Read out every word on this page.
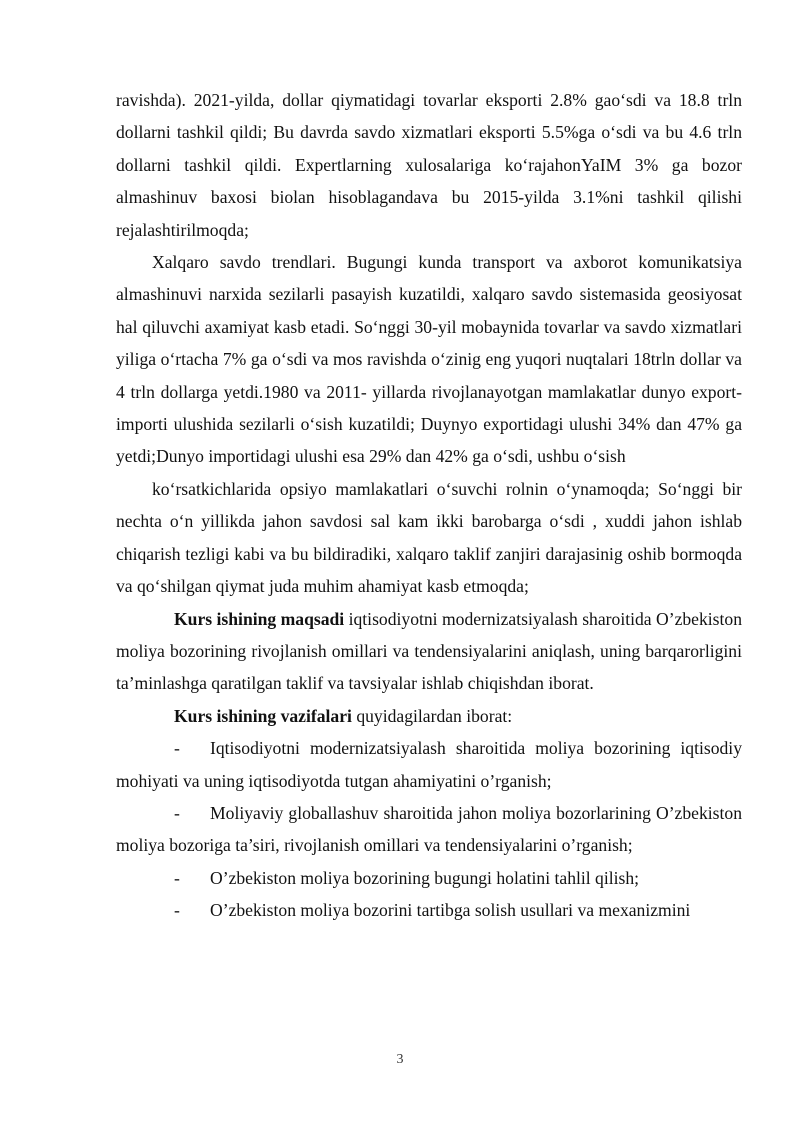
ravishda). 2021-yilda, dollar qiymatidagi tovarlar eksporti 2.8% gao‘sdi va 18.8 trln dollarni tashkil qildi; Bu davrda savdo xizmatlari eksporti 5.5%ga o‘sdi va bu 4.6 trln dollarni tashkil qildi. Expertlarning xulosalariga ko‘rajahonYaIM 3% ga bozor almashinuv baxosi biolan hisoblagandava bu 2015-yilda 3.1%ni tashkil qilishi rejalashtirilmoqda;

Xalqaro savdo trendlari. Bugungi kunda transport va axborot komunikatsiya almashinuvi narxida sezilarli pasayish kuzatildi, xalqaro savdo sistemasida geosiyosat hal qiluvchi axamiyat kasb etadi. So‘nggi 30-yil mobaynida tovarlar va savdo xizmatlari yiliga o‘rtacha 7% ga o‘sdi va mos ravishda o‘zinig eng yuqori nuqtalari 18trln dollar va 4 trln dollarga yetdi.1980 va 2011- yillarda rivojlanayotgan mamlakatlar dunyo export-importi ulushida sezilarli o‘sish kuzatildi; Duynyo exportidagi ulushi 34% dan 47% ga yetdi;Dunyo importidagi ulushi esa 29% dan 42% ga o‘sdi, ushbu o‘sish

ko‘rsatkichlarida opsiyo mamlakatlari o‘suvchi rolnin o‘ynamoqda; So‘nggi bir nechta o‘n yillikda jahon savdosi sal kam ikki barobarga o‘sdi , xuddi jahon ishlab chiqarish tezligi kabi va bu bildiradiki, xalqaro taklif zanjiri darajasinig oshib bormoqda va qo‘shilgan qiymat juda muhim ahamiyat kasb etmoqda;

Kurs ishining maqsadi iqtisodiyotni modernizatsiyalash sharoitida O’zbekiston moliya bozorining rivojlanish omillari va tendensiyalarini aniqlash, uning barqarorligini ta’minlashga qaratilgan taklif va tavsiyalar ishlab chiqishdan iborat.

Kurs ishining vazifalari quyidagilardan iborat:

- Iqtisodiyotni modernizatsiyalash sharoitida moliya bozorining iqtisodiy mohiyati va uning iqtisodiyotda tutgan ahamiyatini o’rganish;

- Moliyaviy globallashuv sharoitida jahon moliya bozorlarining O’zbekiston moliya bozoriga ta’siri, rivojlanish omillari va tendensiyalarini o’rganish;

- O’zbekiston moliya bozorining bugungi holatini tahlil qilish;

- O’zbekiston moliya bozorini tartibga solish usullari va mexanizmini

3
